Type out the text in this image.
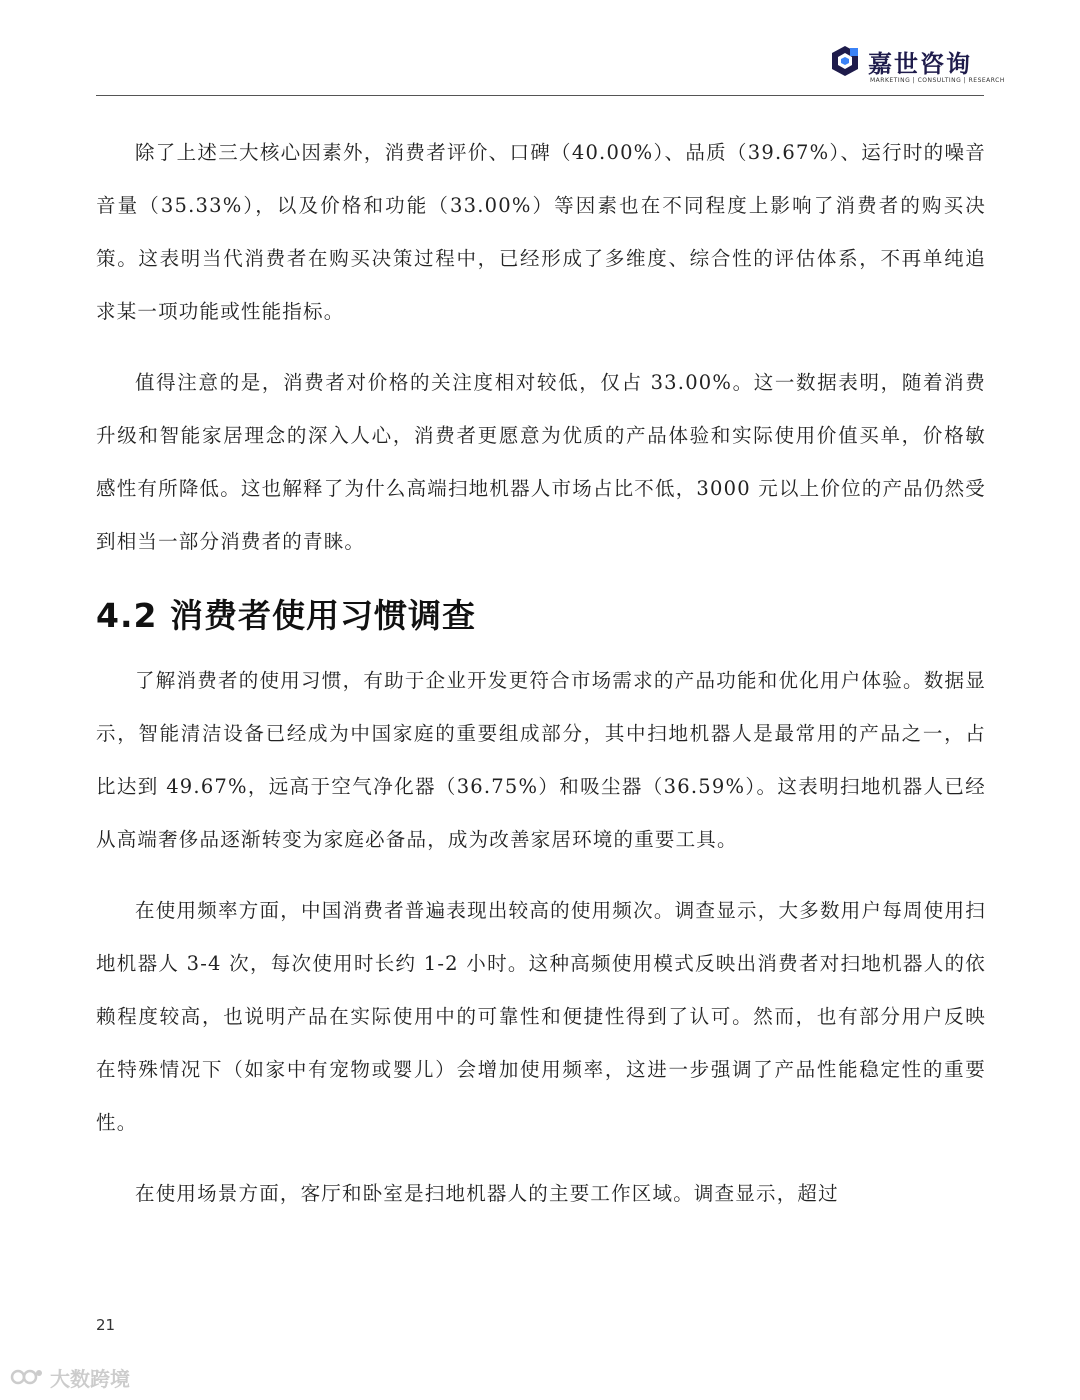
嘉世咨询
MARKETING | CONSULTING | RESEARCH

除了上述三大核心因素外，消费者评价、口碑（40.00%）、品质（39.67%）、运行时的噪音音量（35.33%），以及价格和功能（33.00%）等因素也在不同程度上影响了消费者的购买决策。这表明当代消费者在购买决策过程中，已经形成了多维度、综合性的评估体系，不再单纯追求某一项功能或性能指标。

值得注意的是，消费者对价格的关注度相对较低，仅占 33.00%。这一数据表明，随着消费升级和智能家居理念的深入人心，消费者更愿意为优质的产品体验和实际使用价值买单，价格敏感性有所降低。这也解释了为什么高端扫地机器人市场占比不低，3000 元以上价位的产品仍然受到相当一部分消费者的青睐。

4.2 消费者使用习惯调查

了解消费者的使用习惯，有助于企业开发更符合市场需求的产品功能和优化用户体验。数据显示，智能清洁设备已经成为中国家庭的重要组成部分，其中扫地机器人是最常用的产品之一，占比达到 49.67%，远高于空气净化器（36.75%）和吸尘器（36.59%）。这表明扫地机器人已经从高端奢侈品逐渐转变为家庭必备品，成为改善家居环境的重要工具。

在使用频率方面，中国消费者普遍表现出较高的使用频次。调查显示，大多数用户每周使用扫地机器人 3-4 次，每次使用时长约 1-2 小时。这种高频使用模式反映出消费者对扫地机器人的依赖程度较高，也说明产品在实际使用中的可靠性和便捷性得到了认可。然而，也有部分用户反映在特殊情况下（如家中有宠物或婴儿）会增加使用频率，这进一步强调了产品性能稳定性的重要性。

在使用场景方面，客厅和卧室是扫地机器人的主要工作区域。调查显示，超过

21
大数跨境
